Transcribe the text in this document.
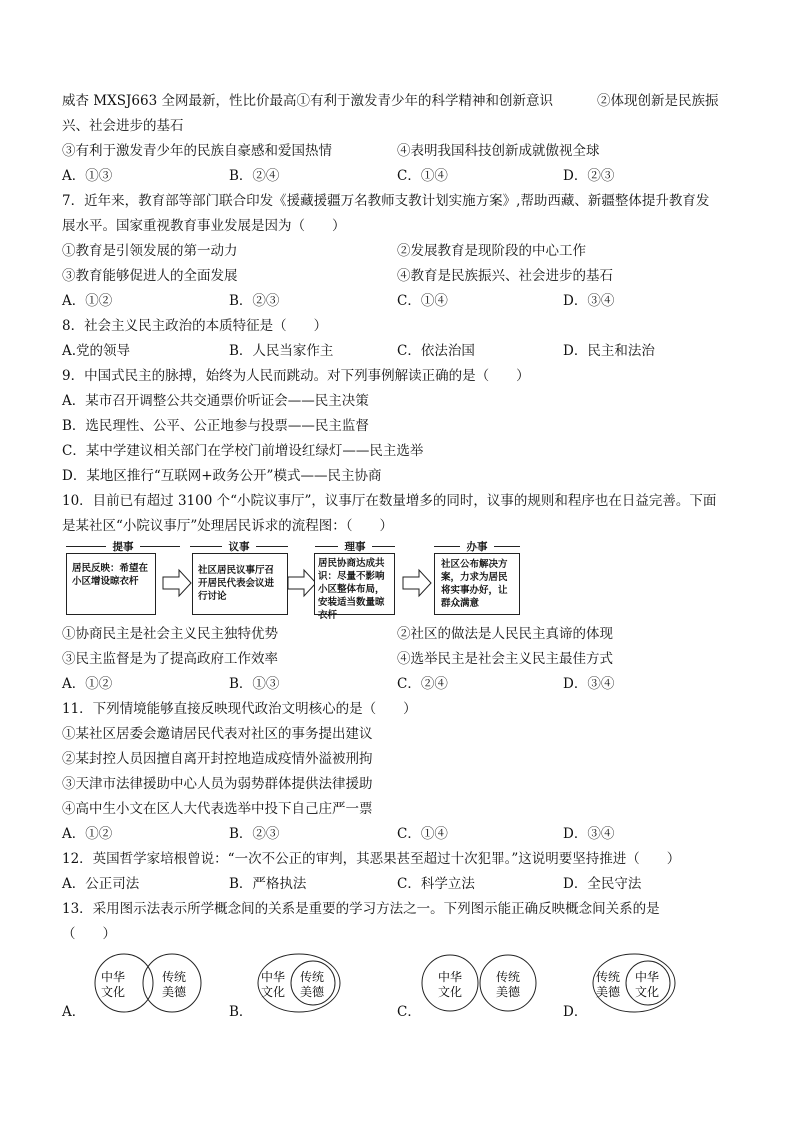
威杏 MXSJ663 全网最新，性比价最高①有利于激发青少年的科学精神和创新意识	②体现创新是民族振
兴、社会进步的基石
③有利于激发青少年的民族自豪感和爱国热情	④表明我国科技创新成就傲视全球
A．①③	B．②④	C．①④	D．②③
7．近年来，教育部等部门联合印发《援藏援疆万名教师支教计划实施方案》,帮助西藏、新疆整体提升教育发
展水平。国家重视教育事业发展是因为（　　）
①教育是引领发展的第一动力	②发展教育是现阶段的中心工作
③教育能够促进人的全面发展	④教育是民族振兴、社会进步的基石
A．①②	B．②③	C．①④	D．③④
8．社会主义民主政治的本质特征是（　　）
A.党的领导	B．人民当家作主	C．依法治国	D．民主和法治
9．中国式民主的脉搏，始终为人民而跳动。对下列事例解读正确的是（　　）
A．某市召开调整公共交通票价听证会——民主决策
B．选民理性、公平、公正地参与投票——民主监督
C．某中学建议相关部门在学校门前增设红绿灯——民主选举
D．某地区推行“互联网+政务公开”模式——民主协商
10．目前已有超过 3100 个“小院议事厅”，议事厅在数量增多的同时，议事的规则和程序也在日益完善。下面
是某社区“小院议事厅”处理居民诉求的流程图：（　　）
提事	议事	理事	办事
居民反映：希望在小区增设晾衣杆
社区居民议事厅召开居民代表会议进行讨论
居民协商达成共识：尽量不影响小区整体布局，安装适当数量晾衣杆
社区公布解决方案，力求为居民将实事办好，让群众满意
①协商民主是社会主义民主独特优势	②社区的做法是人民民主真谛的体现
③民主监督是为了提高政府工作效率	④选举民主是社会主义民主最佳方式
A．①②	B．①③	C．②④	D．③④
11．下列情境能够直接反映现代政治文明核心的是（　　）
①某社区居委会邀请居民代表对社区的事务提出建议
②某封控人员因擅自离开封控地造成疫情外溢被刑拘
③天津市法律援助中心人员为弱势群体提供法律援助
④高中生小文在区人大代表选举中投下自己庄严一票
A．①②	B．②③	C．①④	D．③④
12．英国哲学家培根曾说：“一次不公正的审判，其恶果甚至超过十次犯罪。”这说明要坚持推进（　　）
A．公正司法	B．严格执法	C．科学立法	D．全民守法
13．采用图示法表示所学概念间的关系是重要的学习方法之一。下列图示能正确反映概念间关系的是
（　　）
中华
文化
传统
美德
A．
中华
文化
传统
美德
B．
中华
文化
传统
美德
C．
传统
美德
中华
文化
D．
